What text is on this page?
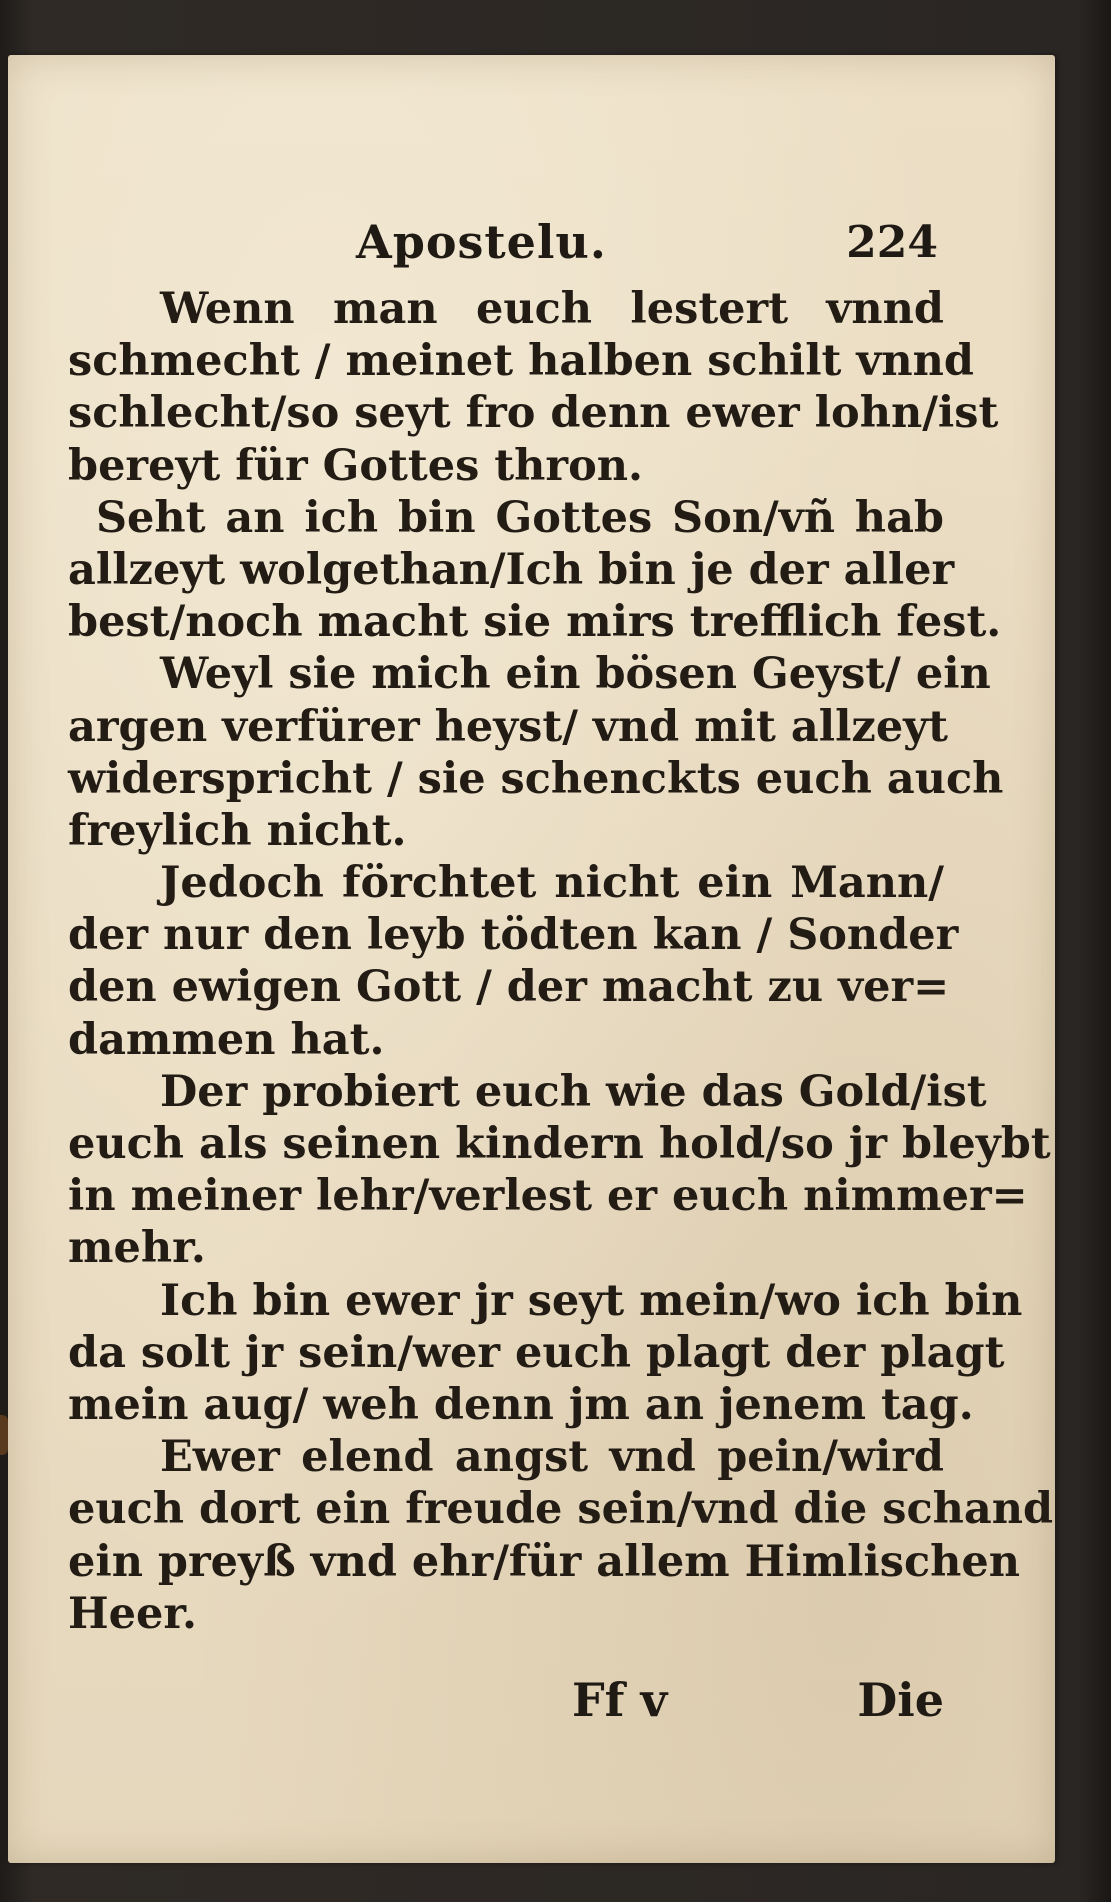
Apostelu.	224
Wenn man euch lestert vnnd
schmecht / meinet halben schilt vnnd
schlecht/so seyt fro denn ewer lohn/ist
bereyt für Gottes thron.
Seht an ich bin Gottes Son/vñ hab
allzeyt wolgethan/Ich bin je der aller
best/noch macht sie mirs trefflich fest.
Weyl sie mich ein bösen Geyst/ ein
argen verfürer heyst/ vnd mit allzeyt
widerspricht / sie schenckts euch auch
freylich nicht.
Jedoch förchtet nicht ein Mann/
der nur den leyb tödten kan / Sonder
den ewigen Gott / der macht zu ver=
dammen hat.
Der probiert euch wie das Gold/ist
euch als seinen kindern hold/so jr bleybt
in meiner lehr/verlest er euch nimmer=
mehr.
Ich bin ewer jr seyt mein/wo ich bin
da solt jr sein/wer euch plagt der plagt
mein aug/ weh denn jm an jenem tag.
Ewer elend angst vnd pein/wird
euch dort ein freude sein/vnd die schand
ein preyß vnd ehr/für allem Himlischen
Heer.
Ff v	Die
